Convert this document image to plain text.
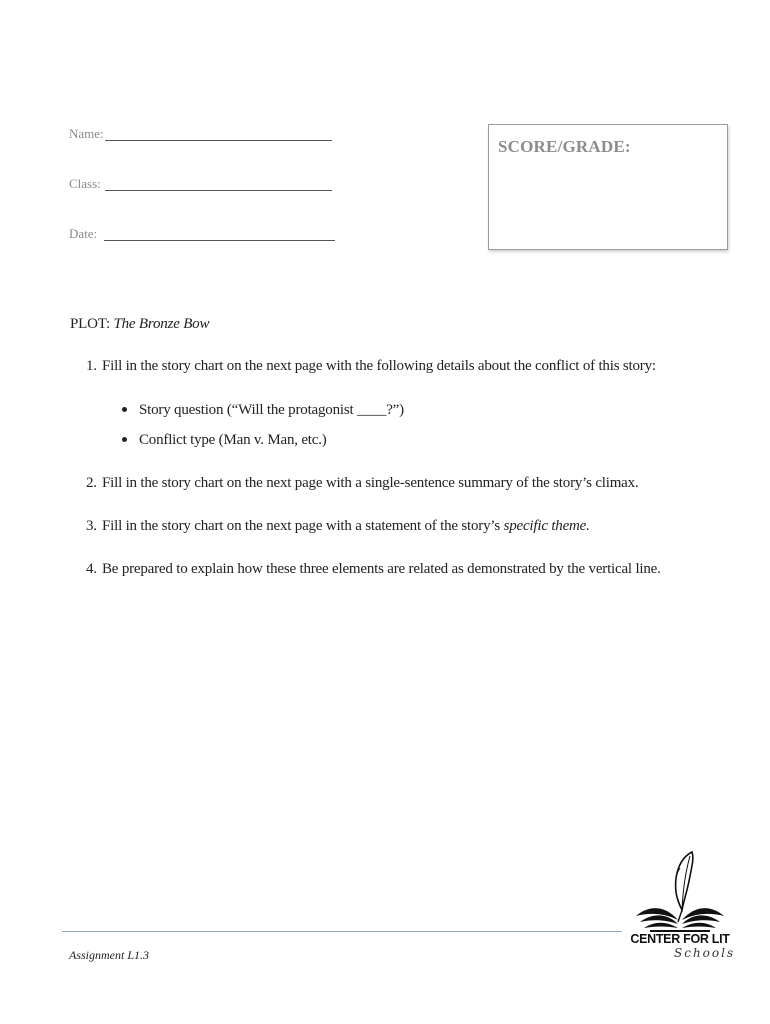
Name:
Class:
Date:
SCORE/GRADE:
PLOT: The Bronze Bow
1. Fill in the story chart on the next page with the following details about the conflict of this story:
Story question (“Will the protagonist ____?”)
Conflict type (Man v. Man, etc.)
2. Fill in the story chart on the next page with a single-sentence summary of the story’s climax.
3. Fill in the story chart on the next page with a statement of the story’s specific theme.
4. Be prepared to explain how these three elements are related as demonstrated by the vertical line.
Assignment L1.3
CENTER FOR LIT
Schools
